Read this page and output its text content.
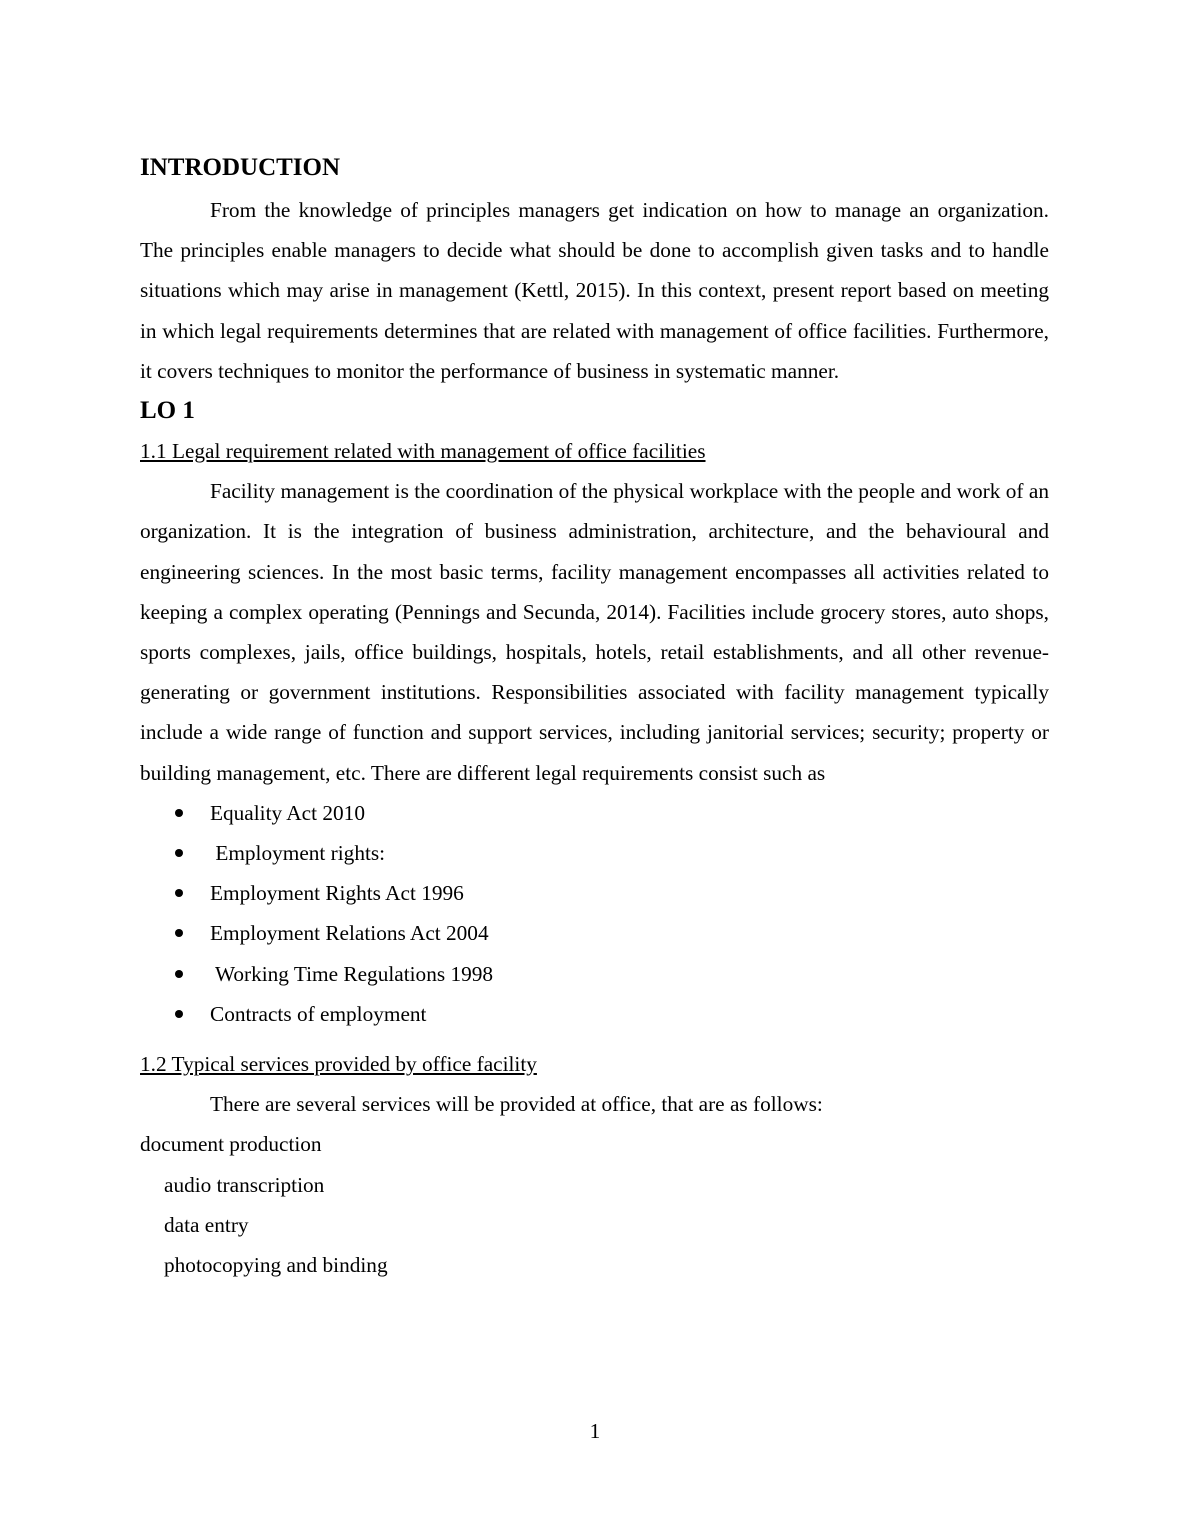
INTRODUCTION

From the knowledge of principles managers get indication on how to manage an organization. The principles enable managers to decide what should be done to accomplish given tasks and to handle situations which may arise in management (Kettl, 2015). In this context, present report based on meeting in which legal requirements determines that are related with management of office facilities. Furthermore, it covers techniques to monitor the performance of business in systematic manner.

LO 1

1.1 Legal requirement related with management of office facilities

Facility management is the coordination of the physical workplace with the people and work of an organization. It is the integration of business administration, architecture, and the behavioural and engineering sciences. In the most basic terms, facility management encompasses all activities related to keeping a complex operating (Pennings and Secunda, 2014). Facilities include grocery stores, auto shops, sports complexes, jails, office buildings, hospitals, hotels, retail establishments, and all other revenue-generating or government institutions. Responsibilities associated with facility management typically include a wide range of function and support services, including janitorial services; security; property or building management, etc. There are different legal requirements consist such as

Equality Act 2010
Employment rights:
Employment Rights Act 1996
Employment Relations Act 2004
Working Time Regulations 1998
Contracts of employment

1.2 Typical services provided by office facility

There are several services will be provided at office, that are as follows:

document production

audio transcription

data entry

photocopying and binding

1
